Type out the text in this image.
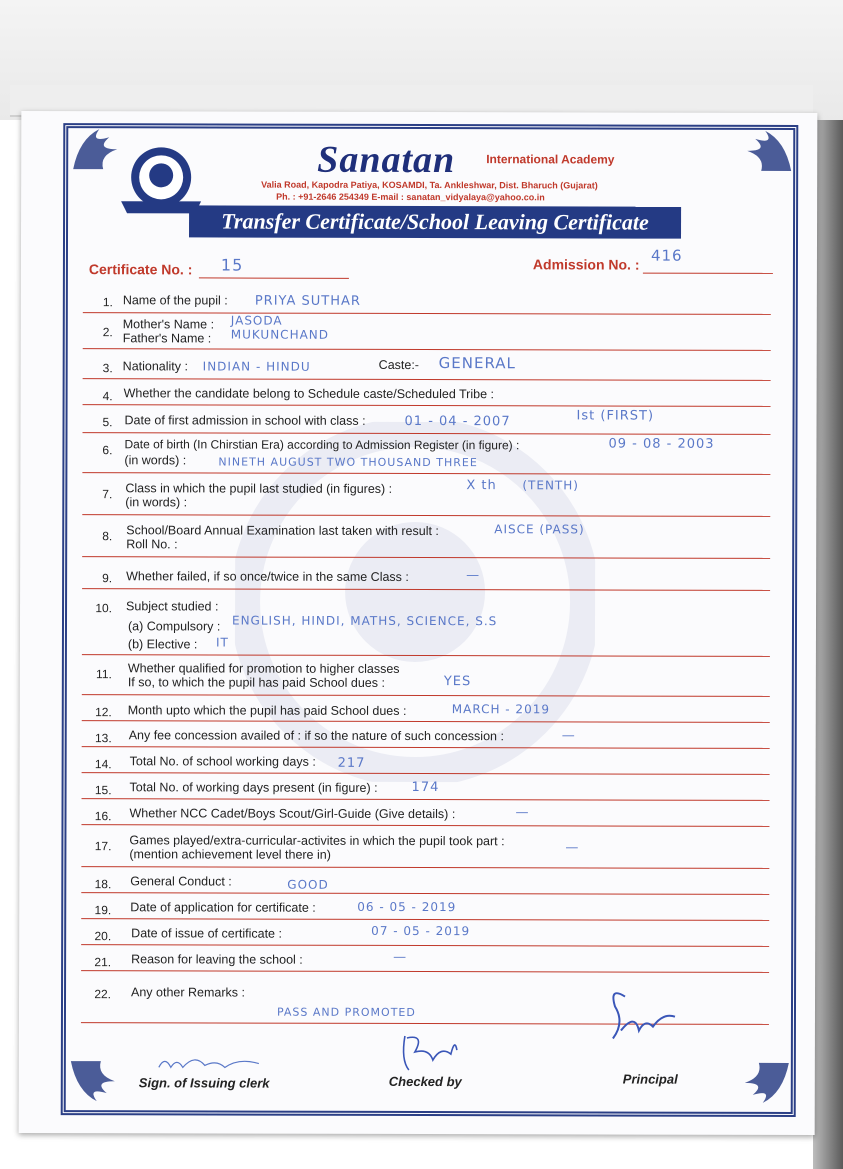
Sanatan	International Academy
Valia Road, Kapodra Patiya, KOSAMDI, Ta. Ankleshwar, Dist. Bharuch (Gujarat)
Ph. : +91-2646 254349 E-mail : sanatan_vidyalaya@yahoo.co.in
Transfer Certificate/School Leaving Certificate
Certificate No. : 15	Admission No. : 416
1. Name of the pupil : PRIYA SUTHAR
2.
Mother's Name : JASODA
Father's Name : MUKUNCHAND
3. Nationality : INDIAN - HINDU	Caste:- GENERAL
4. Whether the candidate belong to Schedule caste/Scheduled Tribe :
5. Date of first admission in school with class :	01 - 04 - 2007	Ist (FIRST)
6. Date of birth (In Chirstian Era) according to Admission Register (in figure) :	09 - 08 - 2003
(in words) :	NINETH AUGUST TWO THOUSAND THREE
7. Class in which the pupil last studied (in figures) :	X th
(in words) :
(TENTH)
8. School/Board Annual Examination last taken with result :	AISCE (PASS)
Roll No. :
9. Whether failed, if so once/twice in the same Class :	—
10. Subject studied :
(a) Compulsory : ENGLISH, HINDI, MATHS, SCIENCE, S.S
(b) Elective : IT
11. Whether qualified for promotion to higher classes
If so, to which the pupil has paid School dues :	YES
12. Month upto which the pupil has paid School dues :	MARCH - 2019
13. Any fee concession availed of : if so the nature of such concession :	—
14. Total No. of school working days : 217
15. Total No. of working days present (in figure) :	174
16. Whether NCC Cadet/Boys Scout/Girl-Guide (Give details) :	—
17. Games played/extra-curricular-activites in which the pupil took part :
(mention achievement level there in)	—
18. General Conduct :	GOOD
19. Date of application for certificate :	06 - 05 - 2019
20. Date of issue of certificate :	07 - 05 - 2019
21. Reason for leaving the school :	—
22. Any other Remarks :
PASS AND PROMOTED
Sign. of Issuing clerk	Checked by	Principal
